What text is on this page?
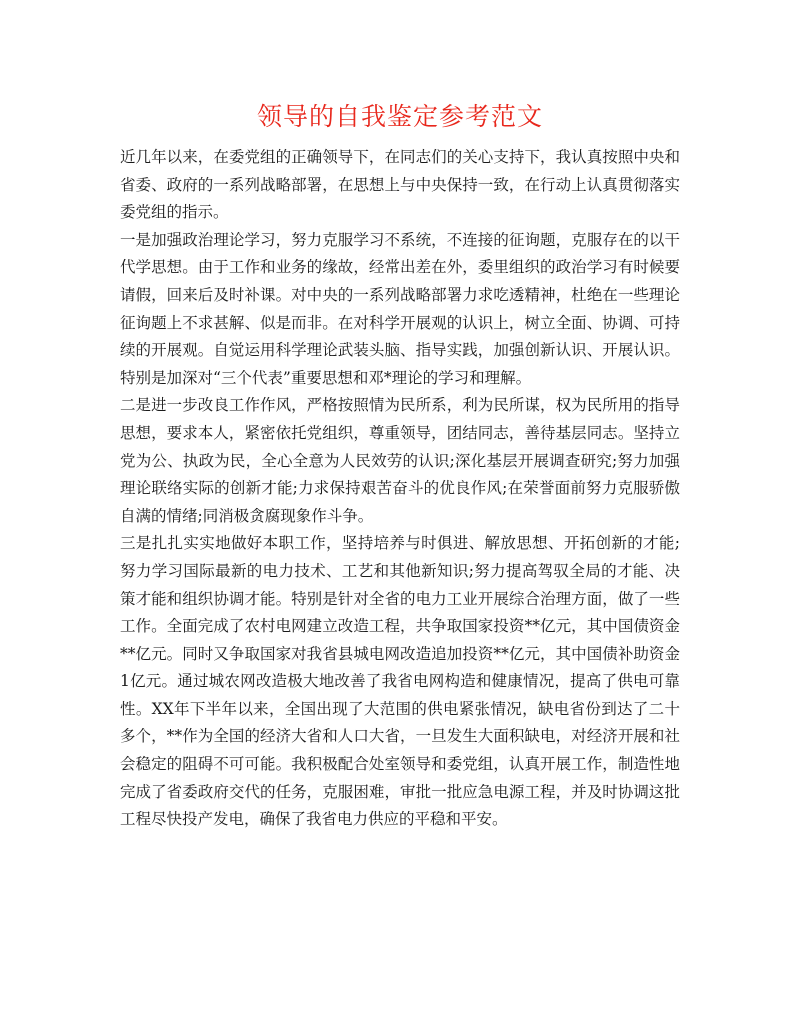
领导的自我鉴定参考范文

近几年以来，在委党组的正确领导下，在同志们的关心支持下，我认真按照中央和省委、政府的一系列战略部署，在思想上与中央保持一致，在行动上认真贯彻落实委党组的指示。

一是加强政治理论学习，努力克服学习不系统，不连接的征询题，克服存在的以干代学思想。由于工作和业务的缘故，经常出差在外，委里组织的政治学习有时候要请假，回来后及时补课。对中央的一系列战略部署力求吃透精神，杜绝在一些理论征询题上不求甚解、似是而非。在对科学开展观的认识上，树立全面、协调、可持续的开展观。自觉运用科学理论武装头脑、指导实践，加强创新认识、开展认识。特别是加深对“三个代表”重要思想和邓*理论的学习和理解。

二是进一步改良工作作风，严格按照情为民所系，利为民所谋，权为民所用的指导思想，要求本人，紧密依托党组织，尊重领导，团结同志，善待基层同志。坚持立党为公、执政为民，全心全意为人民效劳的认识;深化基层开展调查研究;努力加强理论联络实际的创新才能;力求保持艰苦奋斗的优良作风;在荣誉面前努力克服骄傲自满的情绪;同消极贪腐现象作斗争。

三是扎扎实实地做好本职工作，坚持培养与时俱进、解放思想、开拓创新的才能;努力学习国际最新的电力技术、工艺和其他新知识;努力提高驾驭全局的才能、决策才能和组织协调才能。特别是针对全省的电力工业开展综合治理方面，做了一些工作。全面完成了农村电网建立改造工程，共争取国家投资**亿元，其中国债资金**亿元。同时又争取国家对我省县城电网改造追加投资**亿元，其中国债补助资金1亿元。通过城农网改造极大地改善了我省电网构造和健康情况，提高了供电可靠性。XX年下半年以来，全国出现了大范围的供电紧张情况，缺电省份到达了二十多个，**作为全国的经济大省和人口大省，一旦发生大面积缺电，对经济开展和社会稳定的阻碍不可可能。我积极配合处室领导和委党组，认真开展工作，制造性地完成了省委政府交代的任务，克服困难，审批一批应急电源工程，并及时协调这批工程尽快投产发电，确保了我省电力供应的平稳和平安。
